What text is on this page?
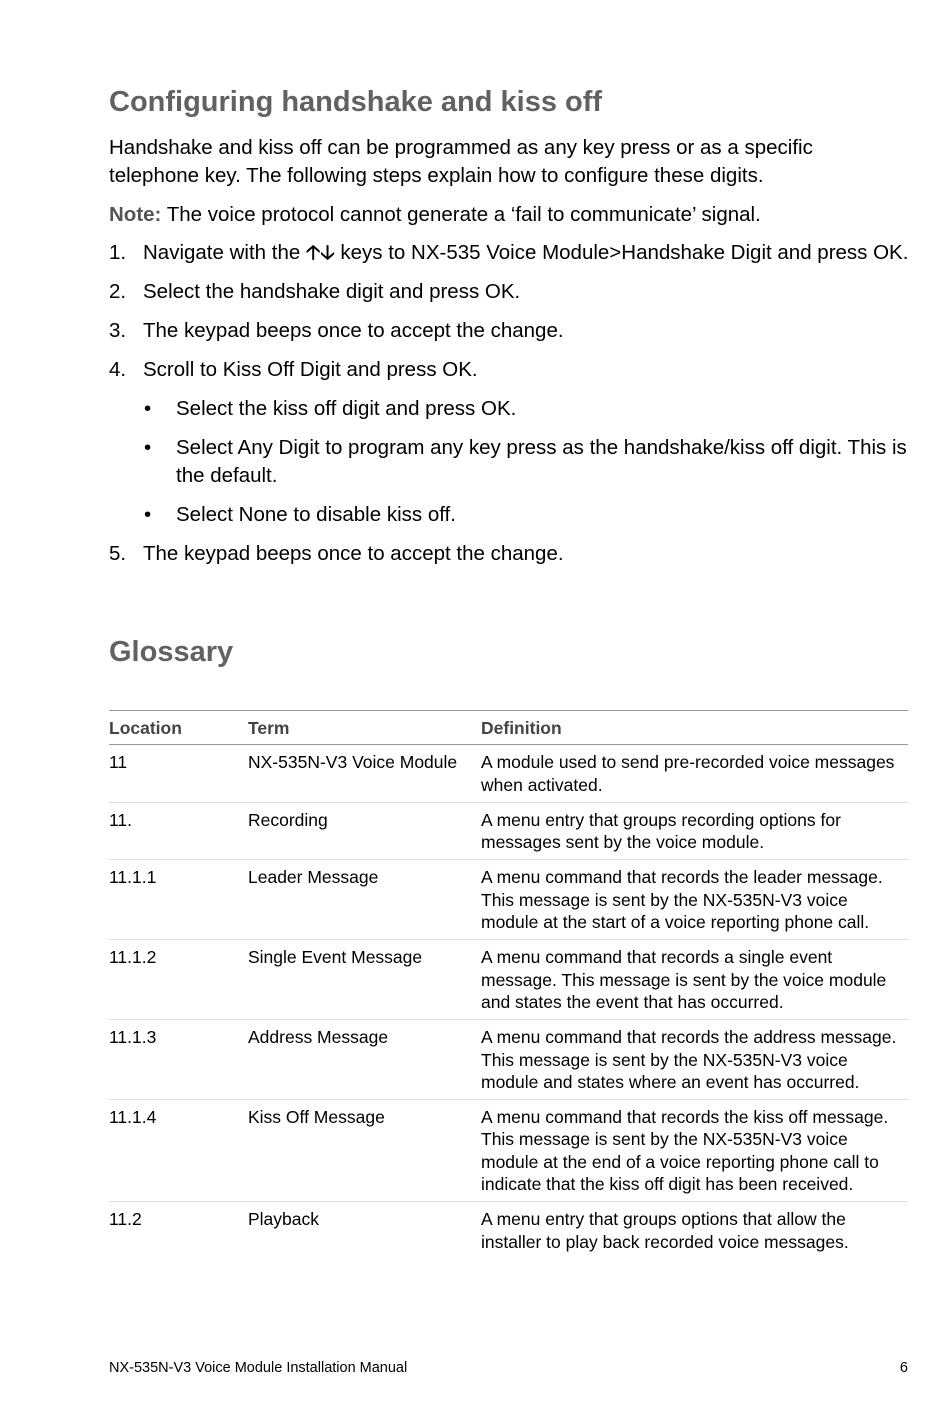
Configuring handshake and kiss off
Handshake and kiss off can be programmed as any key press or as a specific telephone key. The following steps explain how to configure these digits.
Note: The voice protocol cannot generate a ‘fail to communicate’ signal.
1. Navigate with the 🡡🡣 keys to NX-535 Voice Module>Handshake Digit and press OK.
2. Select the handshake digit and press OK.
3. The keypad beeps once to accept the change.
4. Scroll to Kiss Off Digit and press OK.
• Select the kiss off digit and press OK.
• Select Any Digit to program any key press as the handshake/kiss off digit. This is the default.
• Select None to disable kiss off.
5. The keypad beeps once to accept the change.
Glossary
Location	Term	Definition
11	NX-535N-V3 Voice Module	A module used to send pre-recorded voice messages when activated.
11.	Recording	A menu entry that groups recording options for messages sent by the voice module.
11.1.1	Leader Message	A menu command that records the leader message. This message is sent by the NX-535N-V3 voice module at the start of a voice reporting phone call.
11.1.2	Single Event Message	A menu command that records a single event message. This message is sent by the voice module and states the event that has occurred.
11.1.3	Address Message	A menu command that records the address message. This message is sent by the NX-535N-V3 voice module and states where an event has occurred.
11.1.4	Kiss Off Message	A menu command that records the kiss off message. This message is sent by the NX-535N-V3 voice module at the end of a voice reporting phone call to indicate that the kiss off digit has been received.
11.2	Playback	A menu entry that groups options that allow the installer to play back recorded voice messages.
NX-535N-V3 Voice Module Installation Manual	6
